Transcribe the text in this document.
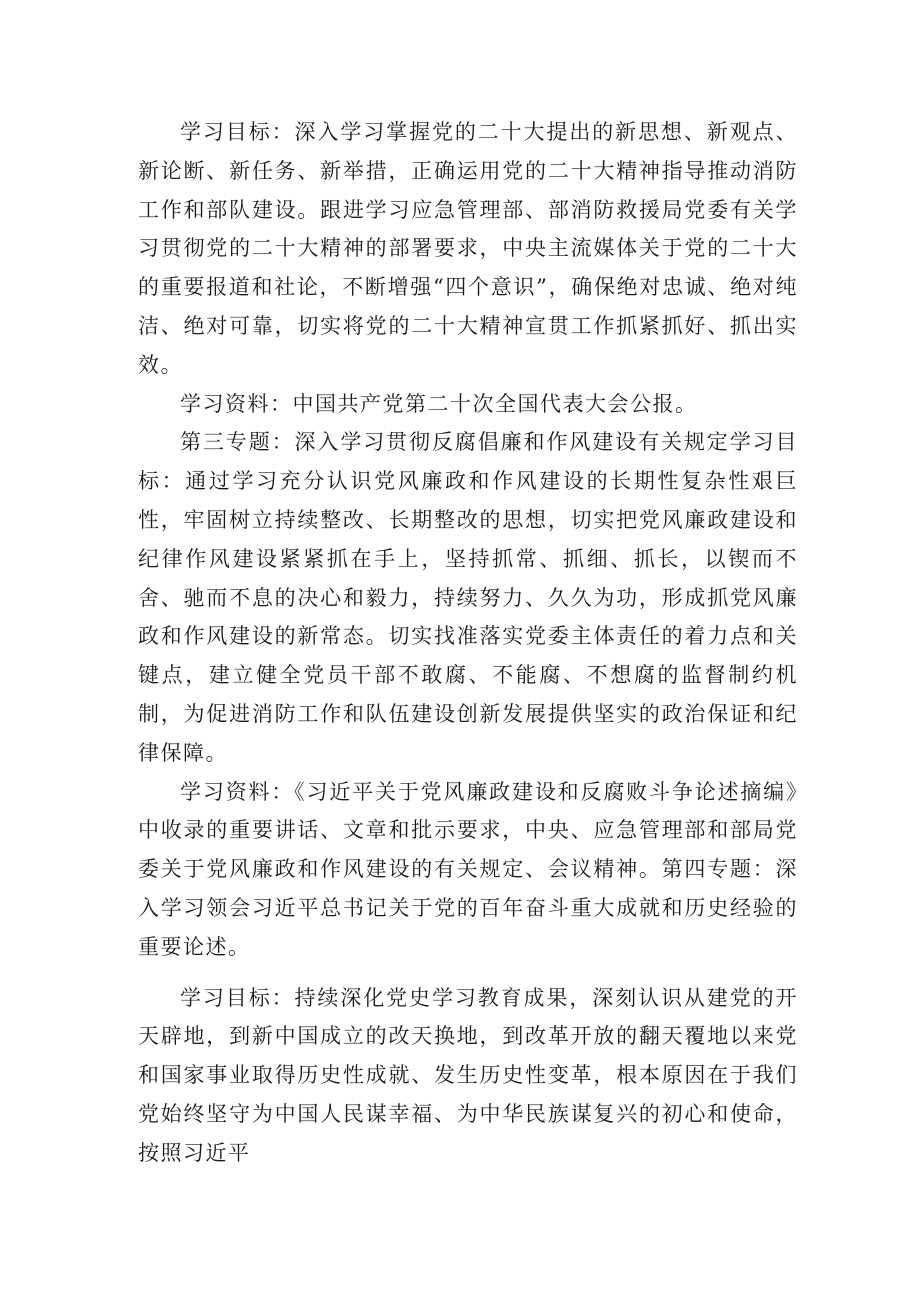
学习目标：深入学习掌握党的二十大提出的新思想、新观点、新论断、新任务、新举措，正确运用党的二十大精神指导推动消防工作和部队建设。跟进学习应急管理部、部消防救援局党委有关学习贯彻党的二十大精神的部署要求，中央主流媒体关于党的二十大的重要报道和社论，不断增强“四个意识”，确保绝对忠诚、绝对纯洁、绝对可靠，切实将党的二十大精神宣贯工作抓紧抓好、抓出实效。

学习资料：中国共产党第二十次全国代表大会公报。

第三专题：深入学习贯彻反腐倡廉和作风建设有关规定学习目标：通过学习充分认识党风廉政和作风建设的长期性复杂性艰巨性，牢固树立持续整改、长期整改的思想，切实把党风廉政建设和纪律作风建设紧紧抓在手上，坚持抓常、抓细、抓长，以锲而不舍、驰而不息的决心和毅力，持续努力、久久为功，形成抓党风廉政和作风建设的新常态。切实找准落实党委主体责任的着力点和关键点，建立健全党员干部不敢腐、不能腐、不想腐的监督制约机制，为促进消防工作和队伍建设创新发展提供坚实的政治保证和纪律保障。

学习资料：《习近平关于党风廉政建设和反腐败斗争论述摘编》中收录的重要讲话、文章和批示要求，中央、应急管理部和部局党委关于党风廉政和作风建设的有关规定、会议精神。第四专题：深入学习领会习近平总书记关于党的百年奋斗重大成就和历史经验的重要论述。

学习目标：持续深化党史学习教育成果，深刻认识从建党的开天辟地，到新中国成立的改天换地，到改革开放的翻天覆地以来党和国家事业取得历史性成就、发生历史性变革，根本原因在于我们党始终坚守为中国人民谋幸福、为中华民族谋复兴的初心和使命，按照习近平
